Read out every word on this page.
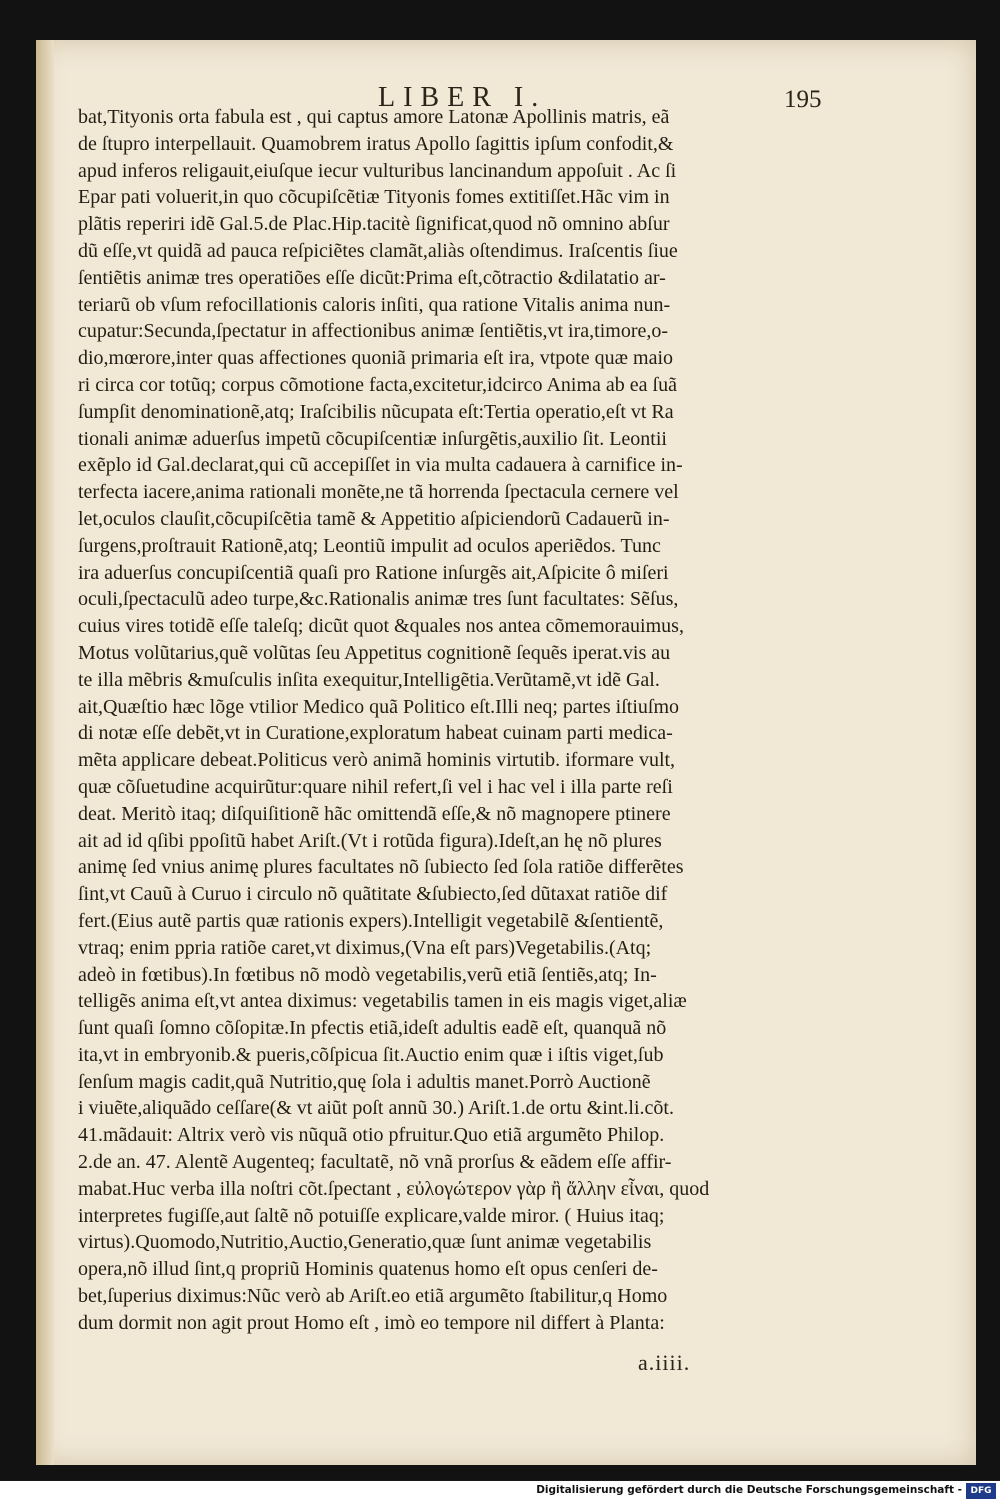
LIBER I.	195
bat,Tityonis orta fabula est , qui captus amore Latonæ Apollinis matris, eã
de ſtupro interpellauit. Quamobrem iratus Apollo ſagittis ipſum confodit,&
apud inferos religauit,eiuſque iecur vulturibus lancinandum appoſuit . Ac ſi
Epar pati voluerit,in quo cõcupiſcẽtiæ Tityonis fomes extitiſſet.Hãc vim in
plãtis reperiri idẽ Gal.5.de Plac.Hip.tacitè ſignificat,quod nõ omnino abſur
dũ eſſe,vt quidã ad pauca reſpiciẽtes clamãt,aliàs oſtendimus. Iraſcentis ſiue
ſentiẽtis animæ tres operatiões eſſe dicũt:Prima eſt,cõtractio &dilatatio ar-
teriarũ ob vſum refocillationis caloris inſiti, qua ratione Vitalis anima nun-
cupatur:Secunda,ſpectatur in affectionibus animæ ſentiẽtis,vt ira,timore,o-
dio,mœrore,inter quas affectiones quoniã primaria eſt ira, vtpote quæ maio
ri circa cor totũq; corpus cõmotione facta,excitetur,idcirco Anima ab ea ſuã
ſumpſit denominationẽ,atq; Iraſcibilis nũcupata eſt:Tertia operatio,eſt vt Ra
tionali animæ aduerſus impetũ cõcupiſcentiæ inſurgẽtis,auxilio ſit. Leontii
exẽplo id Gal.declarat,qui cũ accepiſſet in via multa cadauera à carnifice in-
terfecta iacere,anima rationali monẽte,ne tã horrenda ſpectacula cernere vel
let,oculos clauſit,cõcupiſcẽtia tamẽ & Appetitio aſpiciendorũ Cadauerũ in-
ſurgens,proſtrauit Rationẽ,atq; Leontiũ impulit ad oculos aperiẽdos. Tunc
ira aduerſus concupiſcentiã quaſi pro Ratione inſurgẽs ait,Aſpicite ô miſeri
oculi,ſpectaculũ adeo turpe,&c.Rationalis animæ tres ſunt facultates: Sẽſus,
cuius vires totidẽ eſſe taleſq; dicũt quot &quales nos antea cõmemorauimus,
Motus volũtarius,quẽ volũtas ſeu Appetitus cognitionẽ ſequẽs iperat.vis au
te illa mẽbris &muſculis inſita exequitur,Intelligẽtia.Verũtamẽ,vt idẽ Gal.
ait,Quæſtio hæc lõge vtilior Medico quã Politico eſt.Illi neq; partes iſtiuſmo
di notæ eſſe debẽt,vt in Curatione,exploratum habeat cuinam parti medica-
mẽta applicare debeat.Politicus verò animã hominis virtutib. iformare vult,
quæ cõſuetudine acquirũtur:quare nihil refert,ſi vel i hac vel i illa parte reſi
deat. Meritò itaq; diſquiſitionẽ hãc omittendã eſſe,& nõ magnopere ptinere
ait ad id qſibi ppoſitũ habet Ariſt.(Vt i rotũda figura).Ideſt,an hę nõ plures
animę ſed vnius animę plures facultates nõ ſubiecto ſed ſola ratiõe differẽtes
ſint,vt Cauũ à Curuo i circulo nõ quãtitate &ſubiecto,ſed dũtaxat ratiõe dif
fert.(Eius autẽ partis quæ rationis expers).Intelligit vegetabilẽ &ſentientẽ,
vtraq; enim ppria ratiõe caret,vt diximus,(Vna eſt pars)Vegetabilis.(Atq;
adeò in fœtibus).In fœtibus nõ modò vegetabilis,verũ etiã ſentiẽs,atq; In-
telligẽs anima eſt,vt antea diximus: vegetabilis tamen in eis magis viget,aliæ
ſunt quaſi ſomno cõſopitæ.In pfectis etiã,ideſt adultis eadẽ eſt, quanquã nõ
ita,vt in embryonib.& pueris,cõſpicua ſit.Auctio enim quæ i iſtis viget,ſub
ſenſum magis cadit,quã Nutritio,quę ſola i adultis manet.Porrò Auctionẽ
i viuẽte,aliquãdo ceſſare(& vt aiũt poſt annũ 30.) Ariſt.1.de ortu &int.li.cõt.
41.mãdauit: Altrix verò vis nũquã otio pfruitur.Quo etiã argumẽto Philop.
2.de an. 47. Alentẽ Augenteq; facultatẽ, nõ vnã prorſus & eãdem eſſe affir-
mabat.Huc verba illa noſtri cõt.ſpectant , εὐλογώτερον γὰρ ἢ ἄλλην εἶναι, quod
interpretes fugiſſe,aut ſaltẽ nõ potuiſſe explicare,valde miror. ( Huius itaq;
virtus).Quomodo,Nutritio,Auctio,Generatio,quæ ſunt animæ vegetabilis
opera,nõ illud ſint,q propriũ Hominis quatenus homo eſt opus cenſeri de-
bet,ſuperius diximus:Nũc verò ab Ariſt.eo etiã argumẽto ſtabilitur,q Homo
dum dormit non agit prout Homo eſt , imò eo tempore nil differt à Planta:
a.iiii.
Digitalisierung gefördert durch die Deutsche Forschungsgemeinschaft - DFG
